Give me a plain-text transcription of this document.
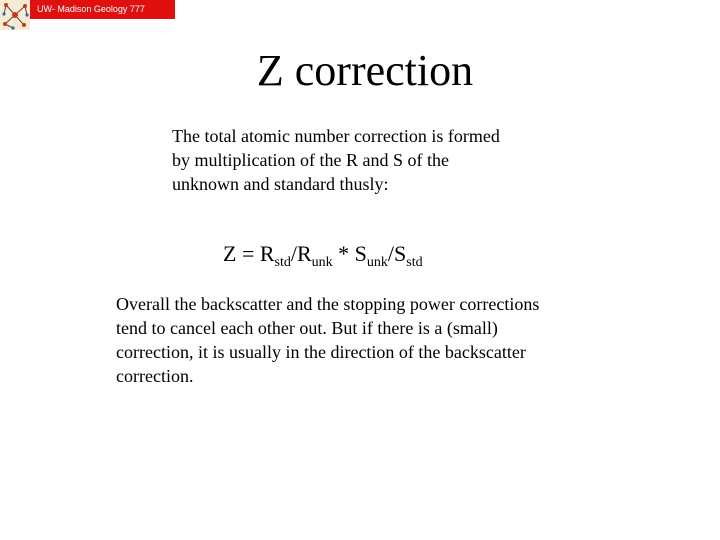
UW- Madison Geology 777
Z correction

The total atomic number correction is formed
by multiplication of the R and S of the
unknown and standard thusly:

$Z = R_{std}/R_{unk} * S_{unk}/S_{std}$

Overall the backscatter and the stopping power corrections
tend to cancel each other out. But if there is a (small)
correction, it is usually in the direction of the backscatter
correction.
